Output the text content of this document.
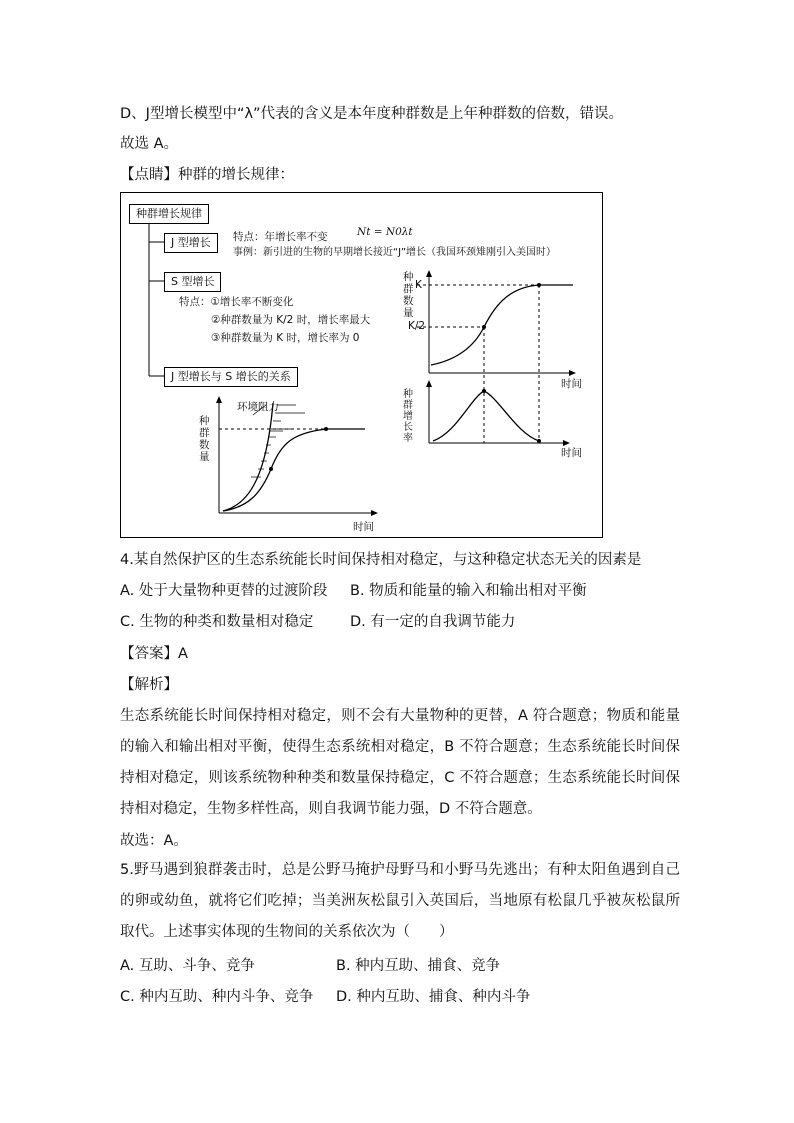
D、J型增长模型中“λ”代表的含义是本年度种群数是上年种群数的倍数，错误。
故选 A。
【点睛】种群的增长规律：
种群增长规律
J 型增长	特点：年增长率不变	Nt = N0λt
事例：新引进的生物的早期增长接近“J”增长（我国环颈雉刚引入美国时）
S 型增长
特点：①增长率不断变化
②种群数量为 K/2 时，增长率最大
③种群数量为 K 时，增长率为 0
J 型增长与 S 增长的关系
环境阻力
种群数量
时间
种群数量
K
K/2
时间
种群增长率
时间
4.某自然保护区的生态系统能长时间保持相对稳定，与这种稳定状态无关的因素是
A. 处于大量物种更替的过渡阶段 B. 物质和能量的输入和输出相对平衡
C. 生物的种类和数量相对稳定	D. 有一定的自我调节能力
【答案】A
【解析】
生态系统能长时间保持相对稳定，则不会有大量物种的更替，A 符合题意；物质和能量的输入和输出相对平衡，使得生态系统相对稳定，B 不符合题意；生态系统能长时间保持相对稳定，则该系统物种种类和数量保持稳定，C 不符合题意；生态系统能长时间保持相对稳定，生物多样性高，则自我调节能力强，D 不符合题意。
故选：A。
5.野马遇到狼群袭击时，总是公野马掩护母野马和小野马先逃出；有种太阳鱼遇到自己的卵或幼鱼，就将它们吃掉；当美洲灰松鼠引入英国后，当地原有松鼠几乎被灰松鼠所取代。上述事实体现的生物间的关系依次为（　　）
A. 互助、斗争、竞争	B. 种内互助、捕食、竞争
C. 种内互助、种内斗争、竞争 D. 种内互助、捕食、种内斗争
